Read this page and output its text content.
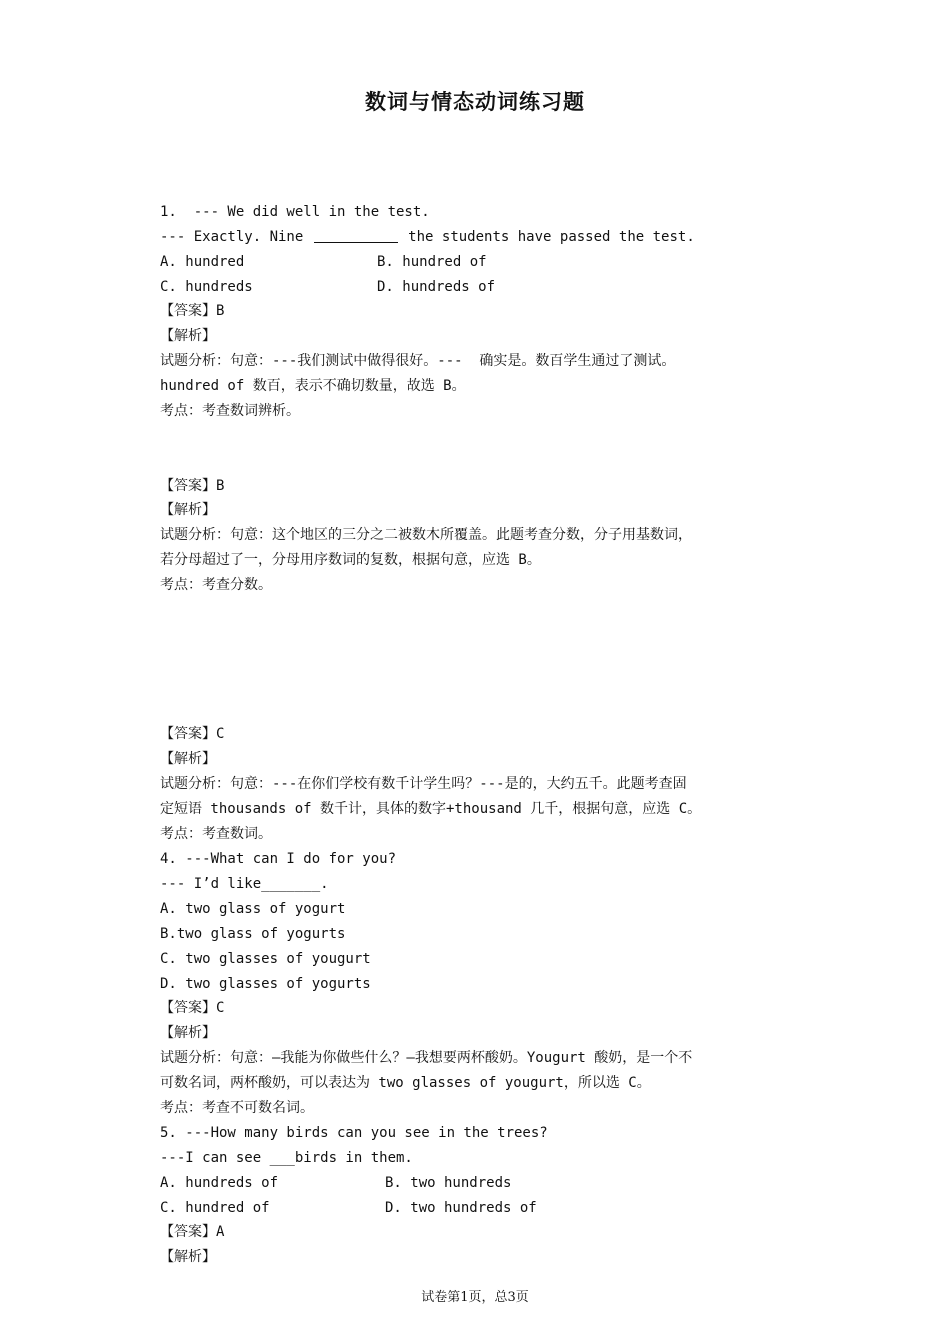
数词与情态动词练习题
1.  --- We did well in the test.
--- Exactly. Nine	the students have passed the test.
A. hundred	B. hundred of
C. hundreds	D. hundreds of
【答案】B
【解析】
试题分析：句意：---我们测试中做得很好。---  确实是。数百学生通过了测试。
hundred of 数百，表示不确切数量，故选 B。
考点：考查数词辨析。
【答案】B
【解析】
试题分析：句意：这个地区的三分之二被数木所覆盖。此题考查分数，分子用基数词，
若分母超过了一，分母用序数词的复数，根据句意，应选 B。
考点：考查分数。
【答案】C
【解析】
试题分析：句意：---在你们学校有数千计学生吗？---是的，大约五千。此题考查固
定短语 thousands of 数千计，具体的数字+thousand 几千，根据句意，应选 C。
考点：考查数词。
4. ---What can I do for you?
--- I’d like_______.
A. two glass of yogurt
B.two glass of yogurts
C. two glasses of yougurt
D. two glasses of yogurts
【答案】C
【解析】
试题分析：句意：—我能为你做些什么？–我想要两杯酸奶。Yougurt 酸奶，是一个不
可数名词，两杯酸奶，可以表达为 two glasses of yougurt，所以选 C。
考点：考查不可数名词。
5. ---How many birds can you see in the trees?
---I can see ___birds in them.
A. hundreds of	B. two hundreds
C. hundred of	D. two hundreds of
【答案】A
【解析】
试卷第1页，总3页
